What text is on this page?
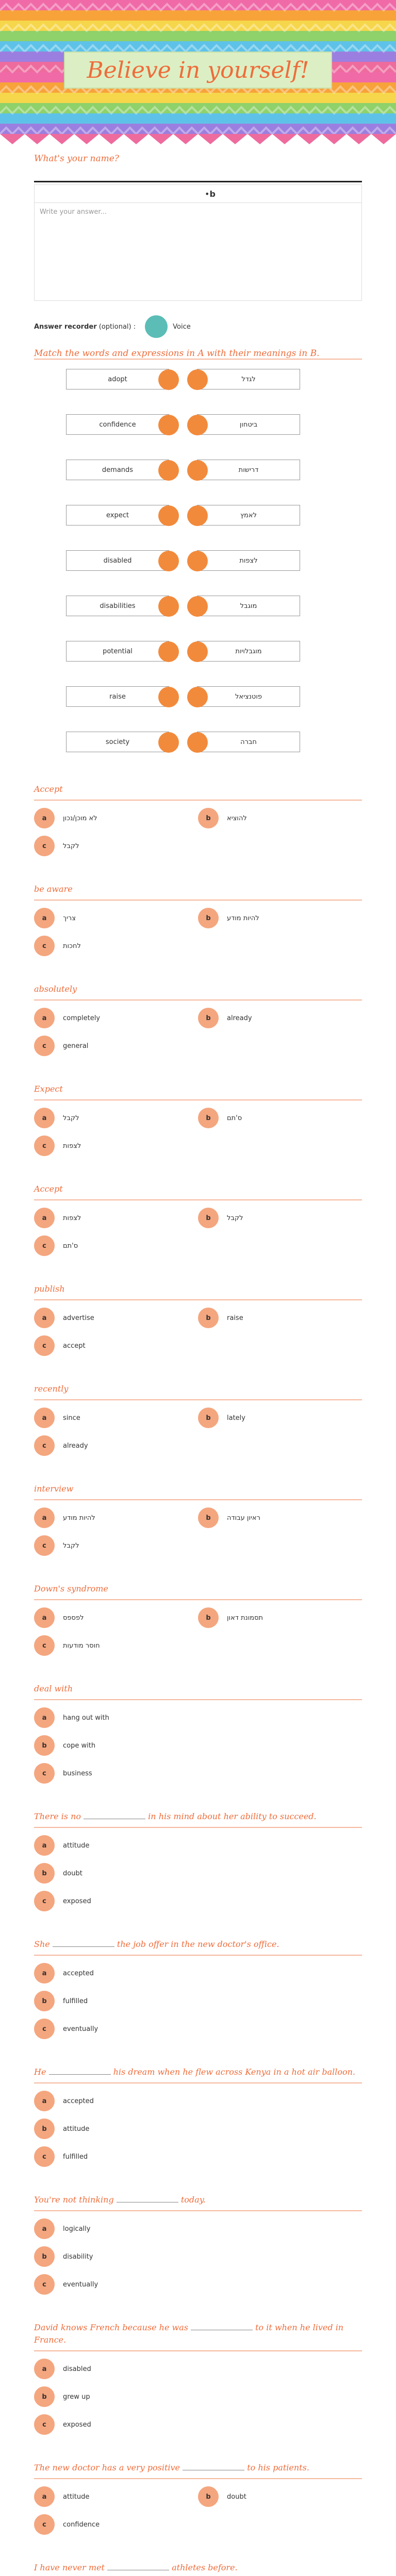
Believe in yourself!
What's your name?
• b
Write your answer...
Answer recorder
(optional) :	Voice
Match the words and expressions in A with their meanings in B.
adopt	לגדל
confidence	ביטחון
demands	דרישות
expect	לאמץ
disabled	לצפות
disabilities	מוגבל
potential	מוגבלויות
raise	פוטנציאל
society	חברה
Accept
a	לא מוכן/נכון	b	להוציא
c	לקבל
be aware
a	צריך	b	להיות מודע
c	לחכות
absolutely
a	completely	b	already
c	general
Expect
a	לקבל	b	ס'תם
c	לצפות
Accept
a	לצפות	b	לקבל
c	ס'תם
publish
a	advertise	b	raise
c	accept
recently
a	since	b	lately
c	already
interview
a	להיות מודע	b	ראיון עבודה
c	לקבל
Down's syndrome
a	לפספס	b	תסמונת דאון
c	חוסר מודעות
deal with
a	hang out with
b	cope with
c	business
There is no	in his mind about her ability to succeed.
a	attitude
b	doubt
c	exposed
She	the job offer in the new doctor's office.
a	accepted
b	fulfilled
c	eventually
He	his dream when he flew across Kenya in a hot air balloon.
a	accepted
b	attitude
c	fulfilled
You're not thinking	today.
a	logically
b	disability
c	eventually
David knows French because he was	to it when he lived in France.
a	disabled
b	grew up
c	exposed
The new doctor has a very positive	to his patients.
a	attitude	b	doubt
c	confidence
I have never met	athletes before.
